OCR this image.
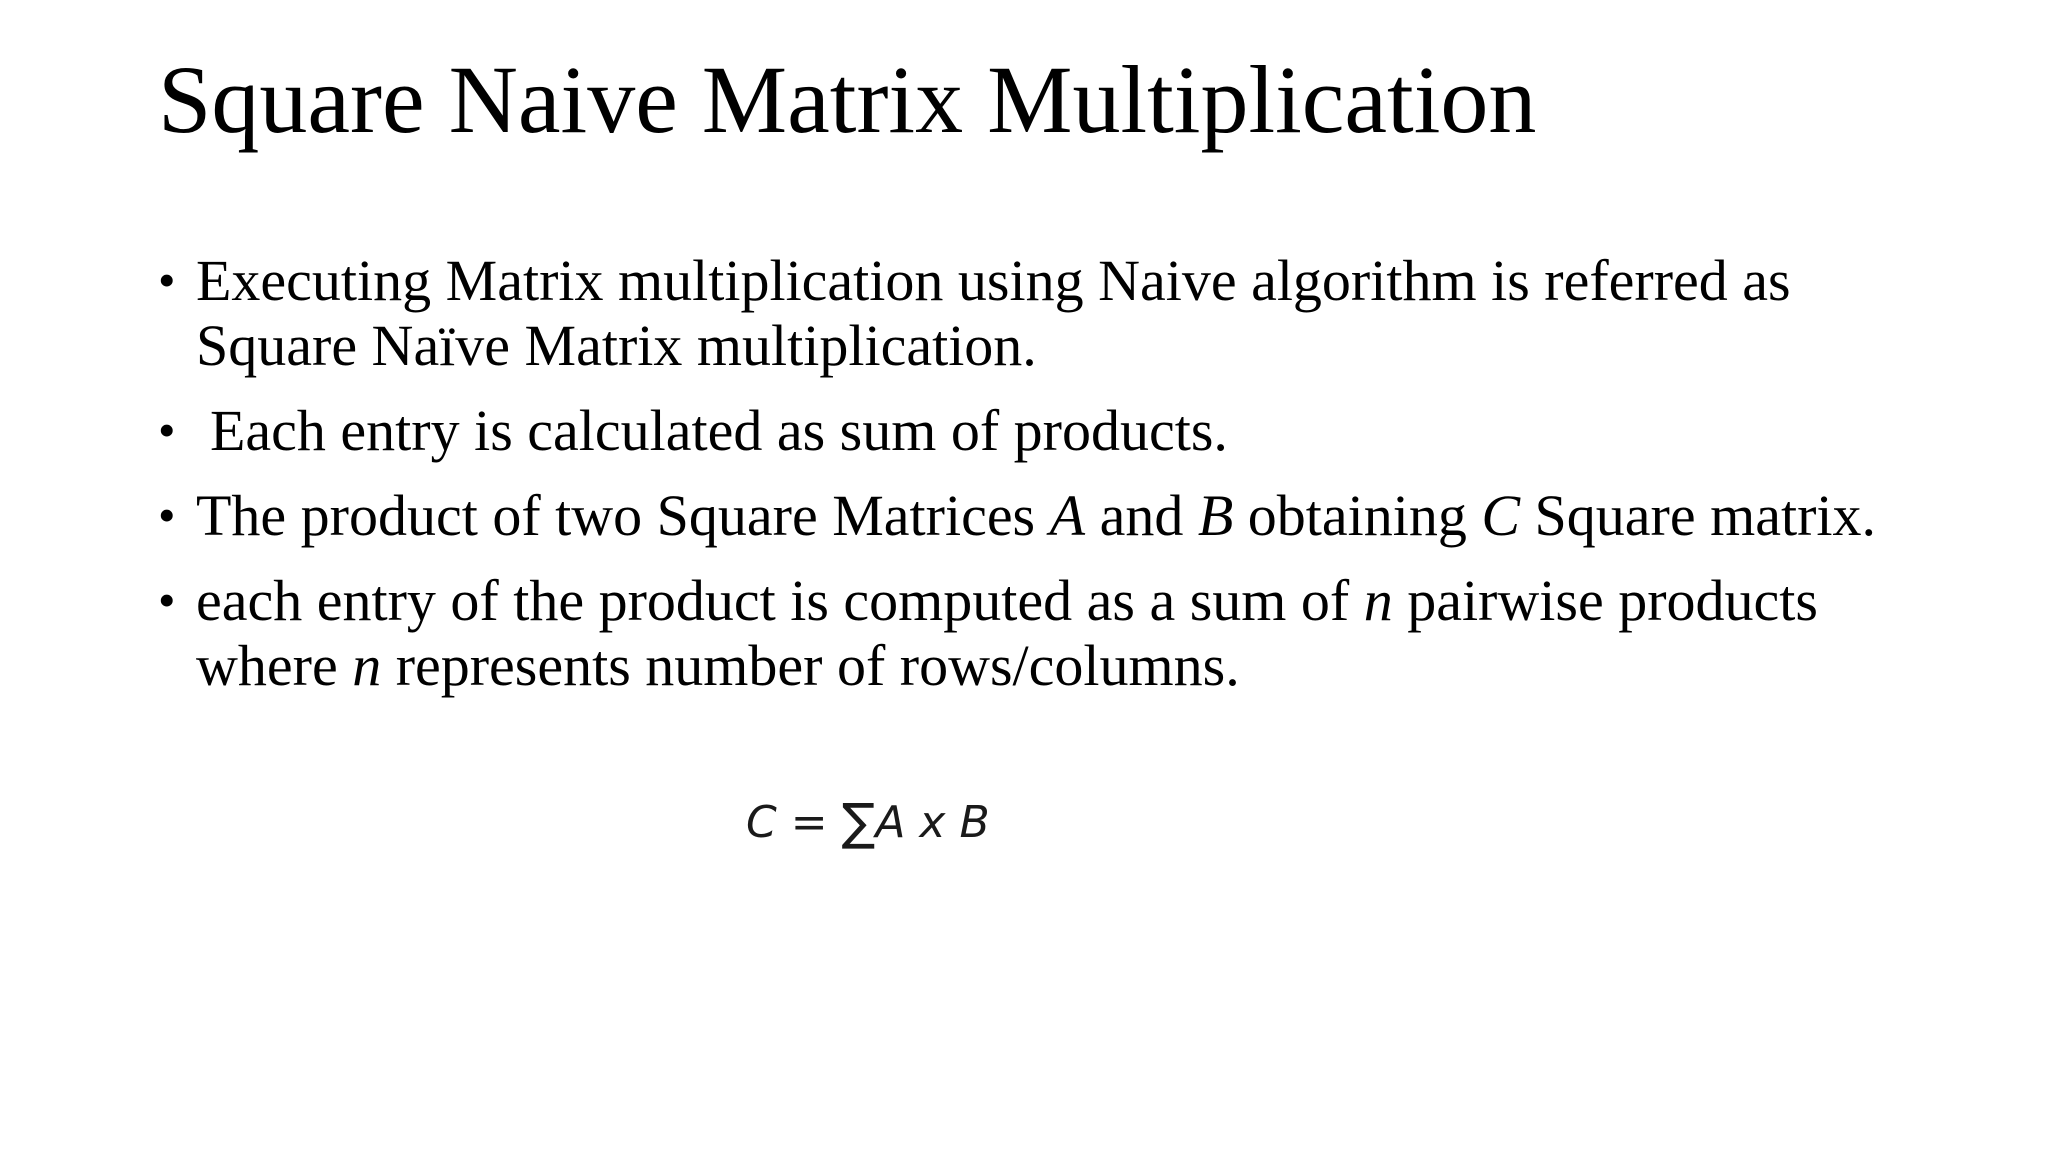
Square Naive Matrix Multiplication
• Executing Matrix multiplication using Naive algorithm is referred as Square Naïve Matrix multiplication.
• Each entry is calculated as sum of products.
• The product of two Square Matrices A and B obtaining C Square matrix.
• each entry of the product is computed as a sum of n pairwise products where n represents number of rows/columns.
C = ∑A x B
